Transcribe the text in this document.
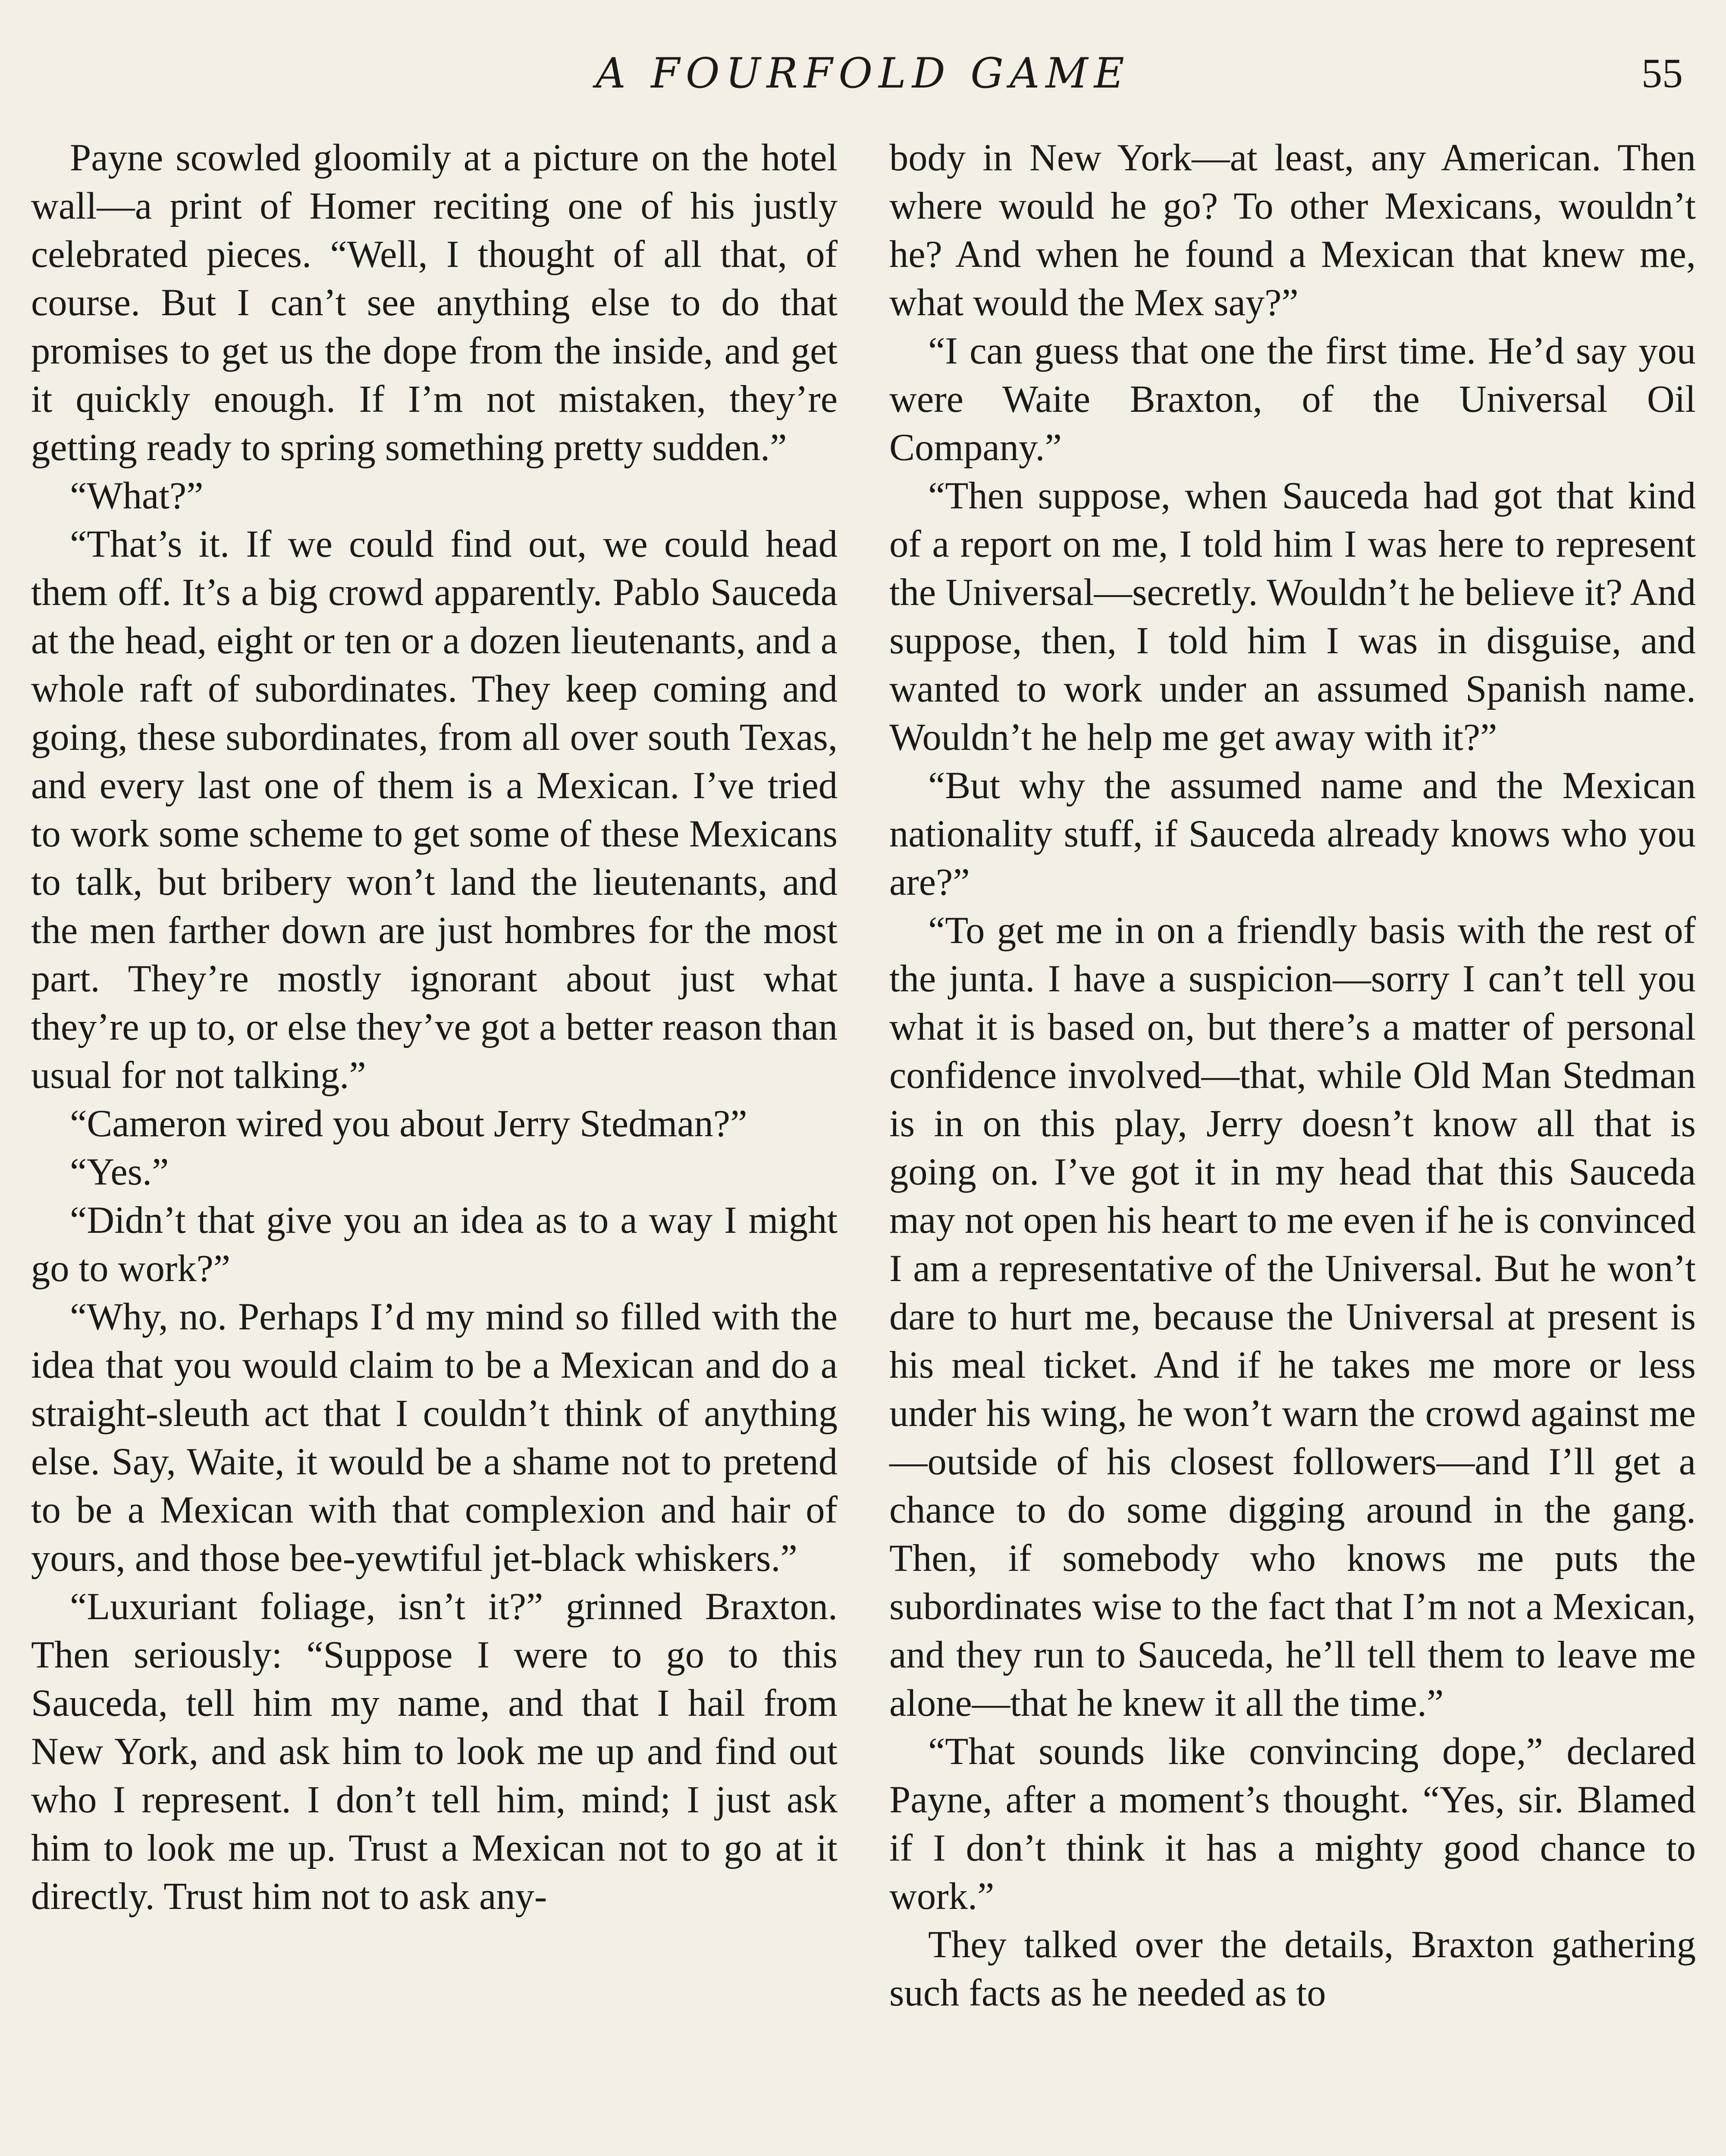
A FOURFOLD GAME	55

Payne scowled gloomily at a picture on the hotel wall—a print of Homer reciting one of his justly celebrated pieces. “Well, I thought of all that, of course. But I can’t see anything else to do that promises to get us the dope from the inside, and get it quickly enough. If I’m not mistaken, they’re getting ready to spring something pretty sudden.”

“What?”

“That’s it. If we could find out, we could head them off. It’s a big crowd apparently. Pablo Sauceda at the head, eight or ten or a dozen lieutenants, and a whole raft of subordinates. They keep coming and going, these subordinates, from all over south Texas, and every last one of them is a Mexican. I’ve tried to work some scheme to get some of these Mexicans to talk, but bribery won’t land the lieutenants, and the men farther down are just hombres for the most part. They’re mostly ignorant about just what they’re up to, or else they’ve got a better reason than usual for not talking.”

“Cameron wired you about Jerry Stedman?”

“Yes.”

“Didn’t that give you an idea as to a way I might go to work?”

“Why, no. Perhaps I’d my mind so filled with the idea that you would claim to be a Mexican and do a straight-sleuth act that I couldn’t think of anything else. Say, Waite, it would be a shame not to pretend to be a Mexican with that complexion and hair of yours, and those bee-yewtiful jet-black whiskers.”

“Luxuriant foliage, isn’t it?” grinned Braxton. Then seriously: “Suppose I were to go to this Sauceda, tell him my name, and that I hail from New York, and ask him to look me up and find out who I represent. I don’t tell him, mind; I just ask him to look me up. Trust a Mexican not to go at it directly. Trust him not to ask any-

body in New York—at least, any American. Then where would he go? To other Mexicans, wouldn’t he? And when he found a Mexican that knew me, what would the Mex say?”

“I can guess that one the first time. He’d say you were Waite Braxton, of the Universal Oil Company.”

“Then suppose, when Sauceda had got that kind of a report on me, I told him I was here to represent the Universal—secretly. Wouldn’t he believe it? And suppose, then, I told him I was in disguise, and wanted to work under an assumed Spanish name. Wouldn’t he help me get away with it?”

“But why the assumed name and the Mexican nationality stuff, if Sauceda already knows who you are?”

“To get me in on a friendly basis with the rest of the junta. I have a suspicion—sorry I can’t tell you what it is based on, but there’s a matter of personal confidence involved—that, while Old Man Stedman is in on this play, Jerry doesn’t know all that is going on. I’ve got it in my head that this Sauceda may not open his heart to me even if he is convinced I am a representative of the Universal. But he won’t dare to hurt me, because the Universal at present is his meal ticket. And if he takes me more or less under his wing, he won’t warn the crowd against me—outside of his closest followers—and I’ll get a chance to do some digging around in the gang. Then, if somebody who knows me puts the subordinates wise to the fact that I’m not a Mexican, and they run to Sauceda, he’ll tell them to leave me alone—that he knew it all the time.”

“That sounds like convincing dope,” declared Payne, after a moment’s thought. “Yes, sir. Blamed if I don’t think it has a mighty good chance to work.”

They talked over the details, Braxton gathering such facts as he needed as to
